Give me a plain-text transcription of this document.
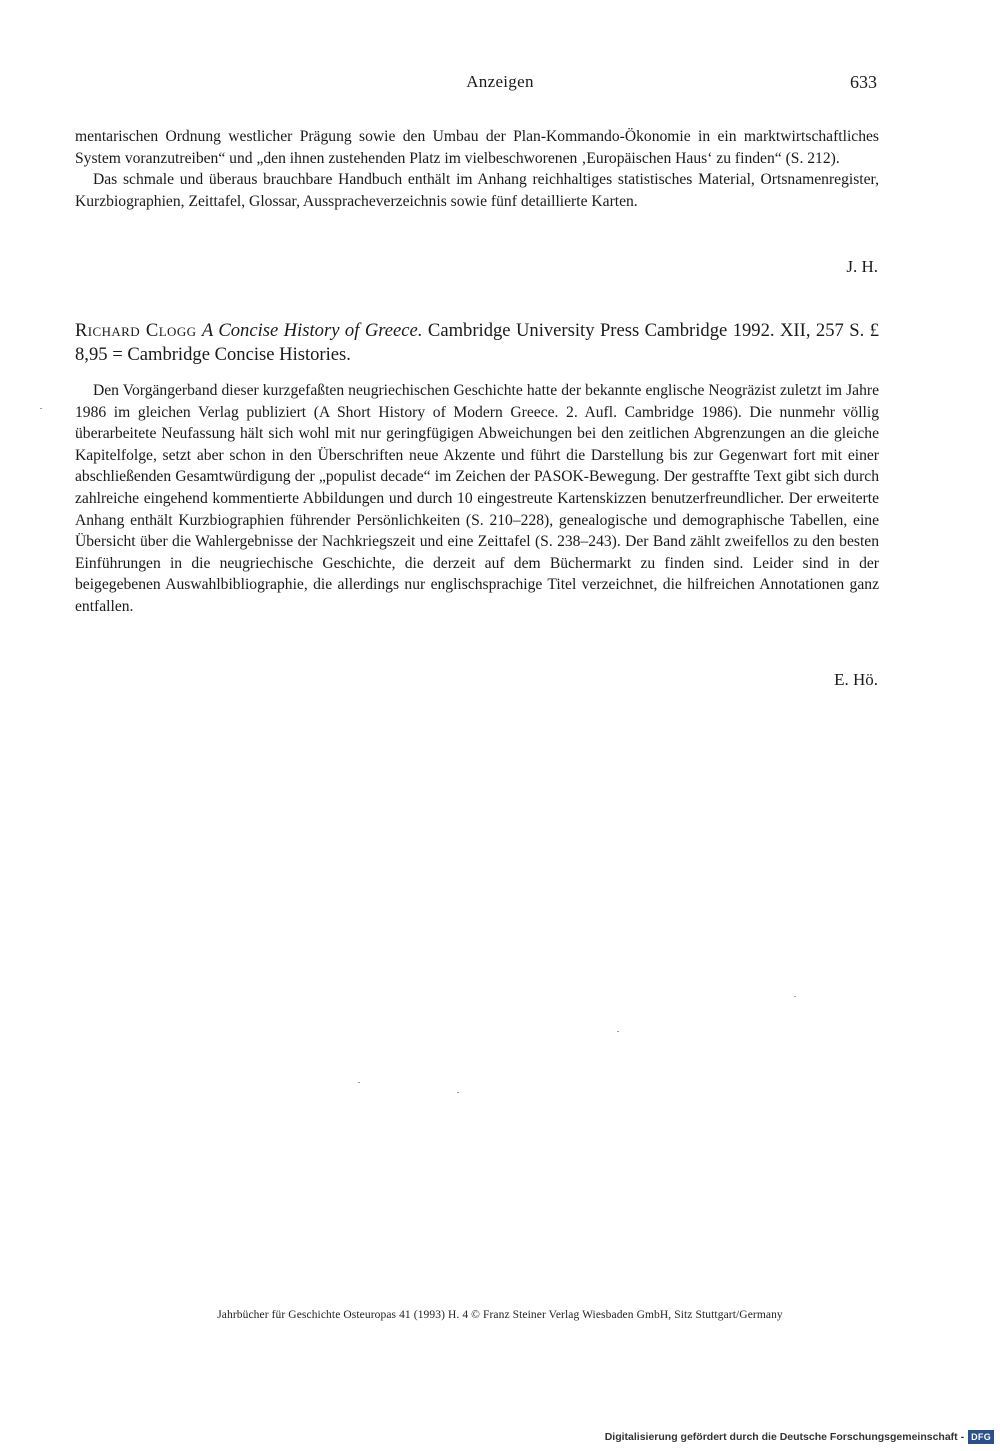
Anzeigen	633

mentarischen Ordnung westlicher Prägung sowie den Umbau der Plan-Kommando-Ökonomie in ein marktwirtschaftliches System voranzutreiben“ und „den ihnen zustehenden Platz im vielbeschworenen ‚Europäischen Haus‘ zu finden“ (S. 212).

Das schmale und überaus brauchbare Handbuch enthält im Anhang reichhaltiges statistisches Material, Ortsnamenregister, Kurzbiographien, Zeittafel, Glossar, Ausspracheverzeichnis sowie fünf detaillierte Karten.

J. H.
Richard Clogg A Concise History of Greece. Cambridge University Press Cambridge 1992. XII, 257 S. £ 8,95 = Cambridge Concise Histories.

Den Vorgängerband dieser kurzgefaßten neugriechischen Geschichte hatte der bekannte englische Neogräzist zuletzt im Jahre 1986 im gleichen Verlag publiziert (A Short History of Modern Greece. 2. Aufl. Cambridge 1986). Die nunmehr völlig überarbeitete Neufassung hält sich wohl mit nur geringfügigen Abweichungen bei den zeitlichen Abgrenzungen an die gleiche Kapitelfolge, setzt aber schon in den Überschriften neue Akzente und führt die Darstellung bis zur Gegenwart fort mit einer abschließenden Gesamtwürdigung der „populist decade“ im Zeichen der PASOK-Bewegung. Der gestraffte Text gibt sich durch zahlreiche eingehend kommentierte Abbildungen und durch 10 eingestreute Kartenskizzen benutzerfreundlicher. Der erweiterte Anhang enthält Kurzbiographien führender Persönlichkeiten (S. 210–228), genealogische und demographische Tabellen, eine Übersicht über die Wahlergebnisse der Nachkriegszeit und eine Zeittafel (S. 238–243). Der Band zählt zweifellos zu den besten Einführungen in die neugriechische Geschichte, die derzeit auf dem Büchermarkt zu finden sind. Leider sind in der beigegebenen Auswahlbibliographie, die allerdings nur englischsprachige Titel verzeichnet, die hilfreichen Annotationen ganz entfallen.

E. Hö.
Jahrbücher für Geschichte Osteuropas 41 (1993) H. 4 © Franz Steiner Verlag Wiesbaden GmbH, Sitz Stuttgart/Germany
Digitalisierung gefördert durch die Deutsche Forschungsgemeinschaft - DFG
